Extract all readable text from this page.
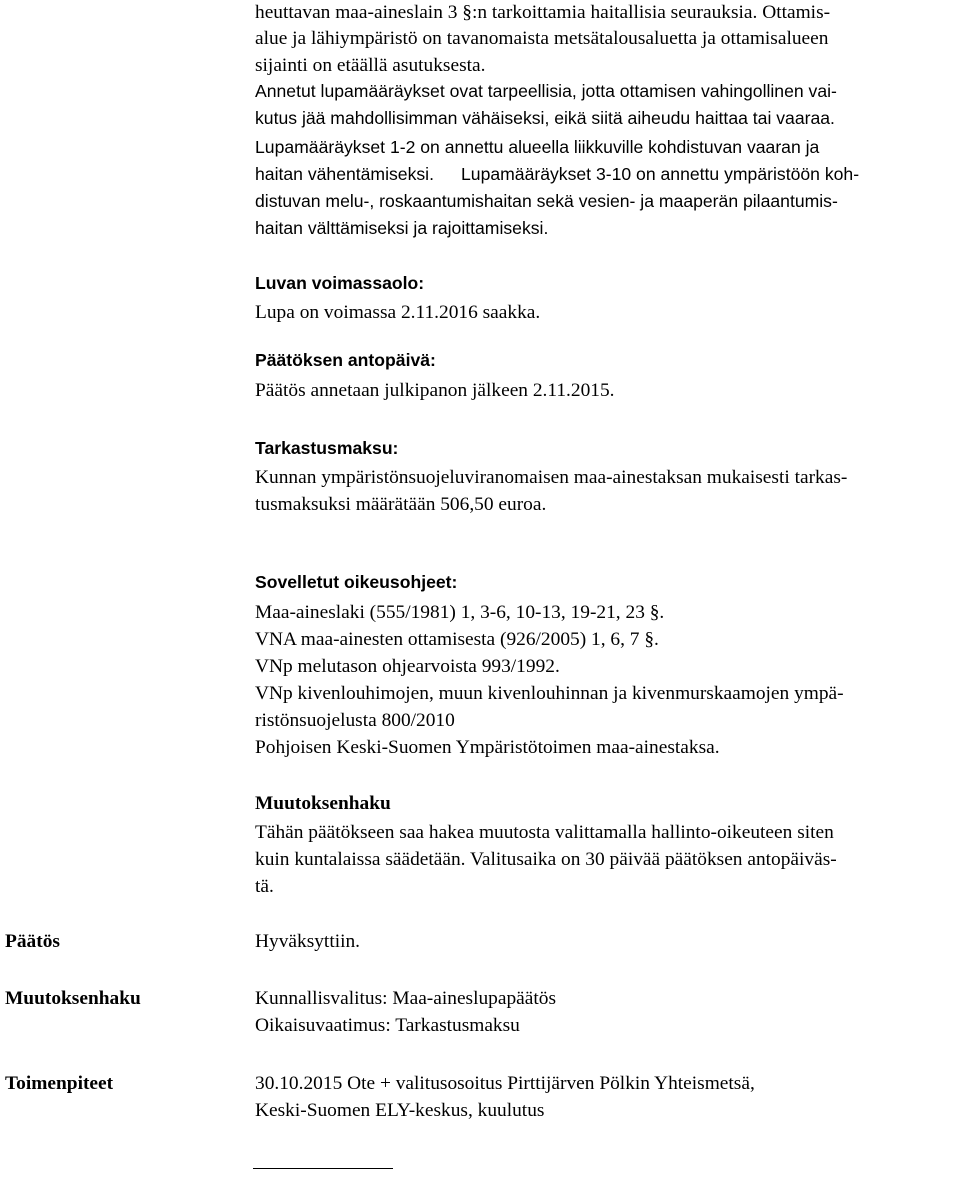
heuttavan maa-aineslain 3 §:n tarkoittamia haitallisia seurauksia. Ottamis-
alue ja lähiympäristö on tavanomaista metsätalousaluetta ja ottamisalueen
sijainti on etäällä asutuksesta.
Annetut lupamääräykset ovat tarpeellisia, jotta ottamisen vahingollinen vai-
kutus jää mahdollisimman vähäiseksi, eikä siitä aiheudu haittaa tai vaaraa.
Lupamääräykset 1-2 on annettu alueella liikkuville kohdistuvan vaaran ja
haitan vähentämiseksi. Lupamääräykset 3-10 on annettu ympäristöön koh-
distuvan melu-, roskaantumishaitan sekä vesien- ja maaperän pilaantumis-
haitan välttämiseksi ja rajoittamiseksi.
Luvan voimassaolo:
Lupa on voimassa 2.11.2016 saakka.
Päätöksen antopäivä:
Päätös annetaan julkipanon jälkeen 2.11.2015.
Tarkastusmaksu:
Kunnan ympäristönsuojeluviranomaisen maa-ainestaksan mukaisesti tarkas-
tusmaksuksi määrätään 506,50 euroa.
Sovelletut oikeusohjeet:
Maa-aineslaki (555/1981) 1, 3-6, 10-13, 19-21, 23 §.
VNA maa-ainesten ottamisesta (926/2005) 1, 6, 7 §.
VNp melutason ohjearvoista 993/1992.
VNp kivenlouhimojen, muun kivenlouhinnan ja kivenmurskaamojen ympä-
ristönsuojelusta 800/2010
Pohjoisen Keski-Suomen Ympäristötoimen maa-ainestaksa.
Muutoksenhaku
Tähän päätökseen saa hakea muutosta valittamalla hallinto-oikeuteen siten
kuin kuntalaissa säädetään. Valitusaika on 30 päivää päätöksen antopäiväs-
tä.
Päätös	Hyväksyttiin.
Muutoksenhaku	Kunnallisvalitus: Maa-aineslupapäätös
Oikaisuvaatimus: Tarkastusmaksu
Toimenpiteet	30.10.2015 Ote + valitusosoitus Pirttijärven Pölkin Yhteismetsä,
Keski-Suomen ELY-keskus, kuulutus
